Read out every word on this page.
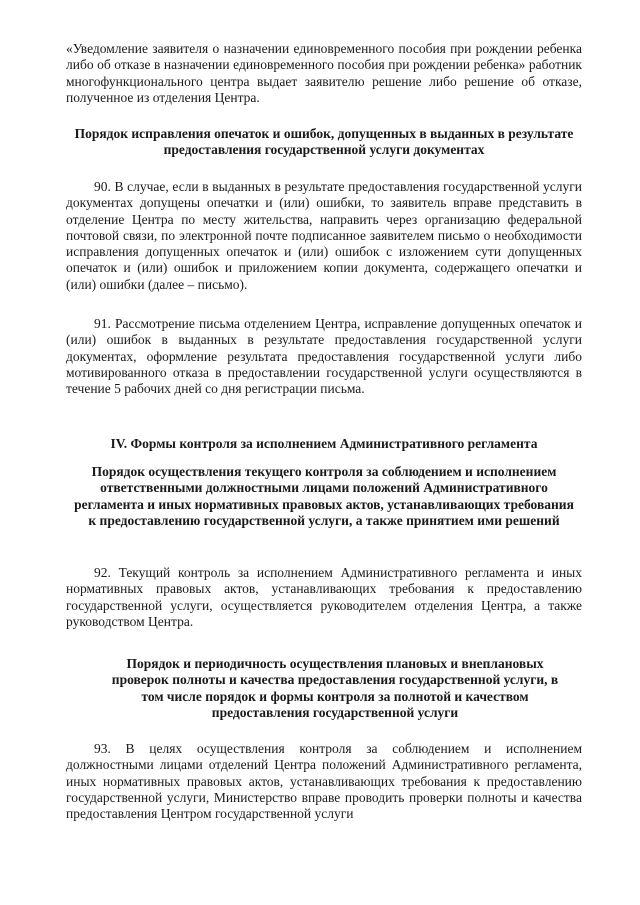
«Уведомление заявителя о назначении единовременного пособия при рождении ребенка либо об отказе в назначении единовременного пособия при рождении ребенка» работник многофункционального центра выдает заявителю решение либо решение об отказе, полученное из отделения Центра.

Порядок исправления опечаток и ошибок, допущенных в выданных в результате предоставления государственной услуги документах

90. В случае, если в выданных в результате предоставления государственной услуги документах допущены опечатки и (или) ошибки, то заявитель вправе представить в отделение Центра по месту жительства, направить через организацию федеральной почтовой связи, по электронной почте подписанное заявителем письмо о необходимости исправления допущенных опечаток и (или) ошибок с изложением сути допущенных опечаток и (или) ошибок и приложением копии документа, содержащего опечатки и (или) ошибки (далее – письмо).

91. Рассмотрение письма отделением Центра, исправление допущенных опечаток и (или) ошибок в выданных в результате предоставления государственной услуги документах, оформление результата предоставления государственной услуги либо мотивированного отказа в предоставлении государственной услуги осуществляются в течение 5 рабочих дней со дня регистрации письма.

IV. Формы контроля за исполнением Административного регламента

Порядок осуществления текущего контроля за соблюдением и исполнением ответственными должностными лицами положений Административного регламента и иных нормативных правовых актов, устанавливающих требования к предоставлению государственной услуги, а также принятием ими решений

92. Текущий контроль за исполнением Административного регламента и иных нормативных правовых актов, устанавливающих требования к предоставлению государственной услуги, осуществляется руководителем отделения Центра, а также руководством Центра.

Порядок и периодичность осуществления плановых и внеплановых проверок полноты и качества предоставления государственной услуги, в том числе порядок и формы контроля за полнотой и качеством предоставления государственной услуги

93. В целях осуществления контроля за соблюдением и исполнением должностными лицами отделений Центра положений Административного регламента, иных нормативных правовых актов, устанавливающих требования к предоставлению государственной услуги, Министерство вправе проводить проверки полноты и качества предоставления Центром государственной услуги
